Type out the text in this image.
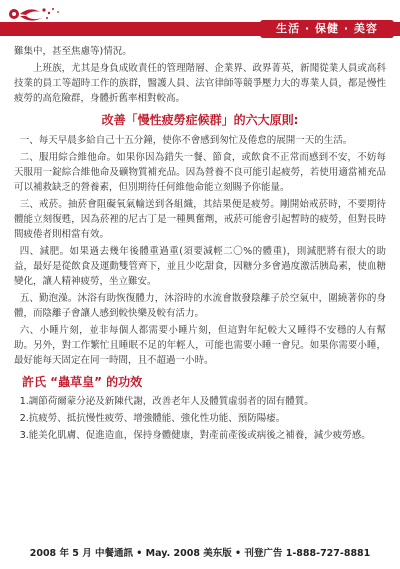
生活 · 保健 · 美容

難集中，甚至焦慮等)情況。

上班族，尤其是身負成敗責任的管理階層、企業界、政界菁英，新聞從業人員或高科技業的員工等超時工作的族群，醫護人員、法官律師等競爭壓力大的專業人員，都是慢性疲勞的高危險群，身體折舊率相對較高。

改善「慢性疲勞症候群」的六大原則:

一、每天早晨多給自己十五分鐘，使你不會感到匆忙及倦怠的展開一天的生活。

二、服用綜合維他命。如果你因為錯失一餐、節食，或飲食不正常而感到不安，不妨每天服用一錠綜合維他命及礦物質補充品。因為營養不良可能引起疲勞，若使用適當補充品可以補救缺乏的營養素，但別期待任何維他命能立刻賜予你能量。

三、戒菸。抽菸會阻礙氧氣輸送到各組織，其結果便是疲勞。剛開始戒菸時，不要期待體能立刻復甦，因為菸裡的尼古丁是一種興奮劑，戒菸可能會引起暫時的疲勞，但對長時間疲倦者則相當有效。

四、減肥。如果過去幾年後體重過重(須要減輕二〇%的體重)，則減肥將有很大的助益，最好是從飲食及運動雙管齊下，並且少吃甜食，因糖分多會過度激活胰島素，使血糖變化，讓人精神疲勞，坐立難安。

五、勤泡澡。沐浴有助恢復體力，沐浴時的水流會散發陰離子於空氣中，圍繞著你的身體，而陰離子會讓人感到較快樂及較有活力。

六、小睡片刻，並非每個人都需要小睡片刻，但這對年紀較大又睡得不安穩的人有幫助。另外，對工作繁忙且睡眠不足的年輕人，可能也需要小睡一會兒。如果你需要小睡，最好能每天固定在同一時間，且不超過一小時。

許氏 “蟲草皇” 的功效

1.調節荷爾蒙分泌及新陳代謝，改善老年人及體質虛弱者的固有體質。

2.抗疲勞、抵抗慢性疲勞、增強體能、強化性功能、預防陽痿。

3.能美化肌膚、促進造血，保持身體健康，對產前產後或病後之補養，減少疲勞感。

2008 年 5 月 中餐通訊 • May. 2008 美东版 • 刊登广告 1-888-727-8881
